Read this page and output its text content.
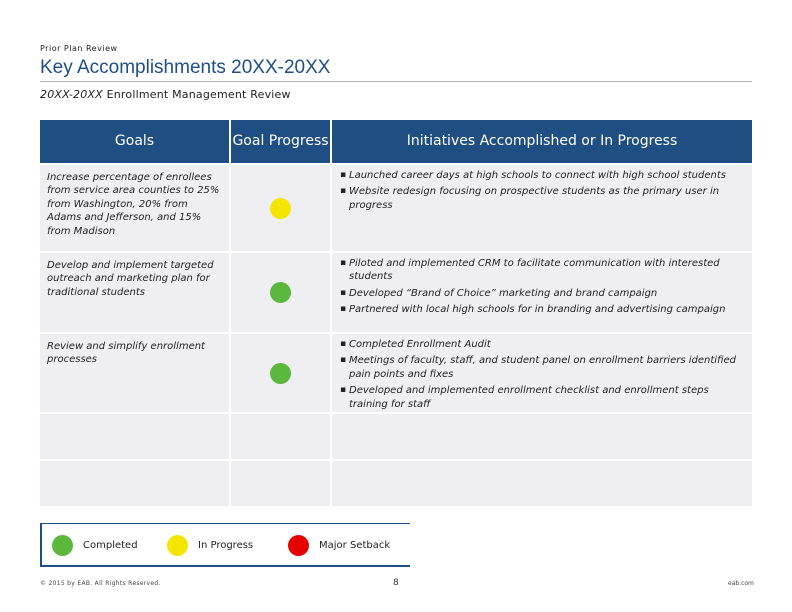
Prior Plan Review
Key Accomplishments 20XX-20XX
20XX-20XX Enrollment Management Review
Goals	Goal Progress	Initiatives Accomplished or In Progress
Increase percentage of enrollees from service area counties to 25% from Washington, 20% from Adams and Jefferson, and 15% from Madison
▪ Launched career days at high schools to connect with high school students
▪ Website redesign focusing on prospective students as the primary user in progress
Develop and implement targeted outreach and marketing plan for traditional students
▪ Piloted and implemented CRM to facilitate communication with interested students
▪ Developed “Brand of Choice” marketing and brand campaign
▪ Partnered with local high schools for in branding and advertising campaign
Review and simplify enrollment processes
▪ Completed Enrollment Audit
▪ Meetings of faculty, staff, and student panel on enrollment barriers identified pain points and fixes
▪ Developed and implemented enrollment checklist and enrollment steps training for staff
Completed	In Progress	Major Setback
© 2015 by EAB. All Rights Reserved.	8	eab.com
